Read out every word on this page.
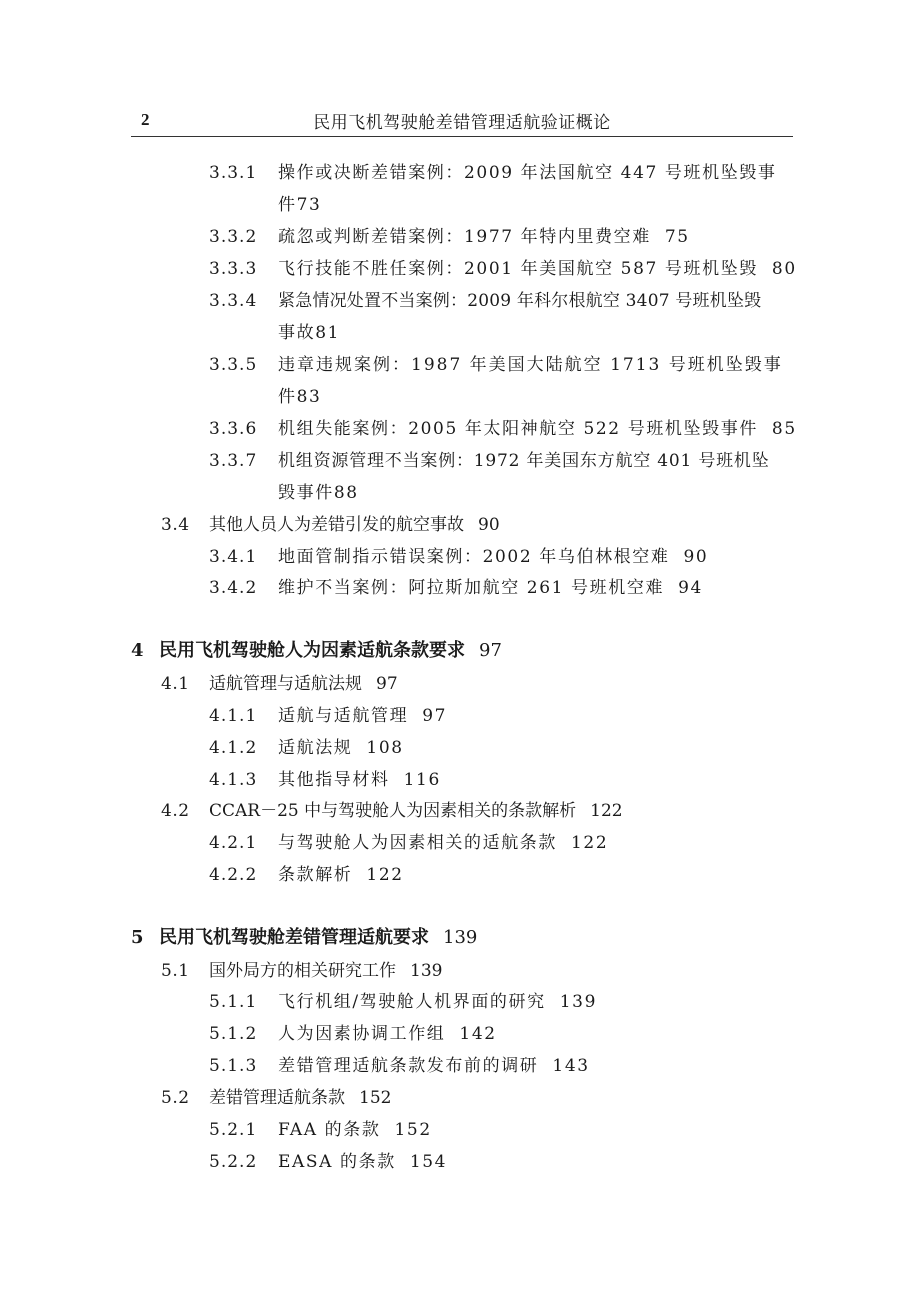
2	民用飞机驾驶舱差错管理适航验证概论
3.3.1 操作或决断差错案例：2009 年法国航空 447 号班机坠毁事
件73
3.3.2 疏忽或判断差错案例：1977 年特内里费空难 75
3.3.3 飞行技能不胜任案例：2001 年美国航空 587 号班机坠毁 80
3.3.4 紧急情况处置不当案例：2009 年科尔根航空 3407 号班机坠毁
事故81
3.3.5 违章违规案例：1987 年美国大陆航空 1713 号班机坠毁事
件83
3.3.6 机组失能案例：2005 年太阳神航空 522 号班机坠毁事件 85
3.3.7 机组资源管理不当案例：1972 年美国东方航空 401 号班机坠
毁事件88
3.4 其他人员人为差错引发的航空事故 90
3.4.1 地面管制指示错误案例：2002 年乌伯林根空难 90
3.4.2 维护不当案例：阿拉斯加航空 261 号班机空难 94
4 民用飞机驾驶舱人为因素适航条款要求 97
4.1 适航管理与适航法规 97
4.1.1 适航与适航管理 97
4.1.2 适航法规 108
4.1.3 其他指导材料 116
4.2 CCAR－25 中与驾驶舱人为因素相关的条款解析 122
4.2.1 与驾驶舱人为因素相关的适航条款 122
4.2.2 条款解析 122
5 民用飞机驾驶舱差错管理适航要求 139
5.1 国外局方的相关研究工作 139
5.1.1 飞行机组/驾驶舱人机界面的研究 139
5.1.2 人为因素协调工作组 142
5.1.3 差错管理适航条款发布前的调研 143
5.2 差错管理适航条款 152
5.2.1 FAA 的条款 152
5.2.2 EASA 的条款 154
